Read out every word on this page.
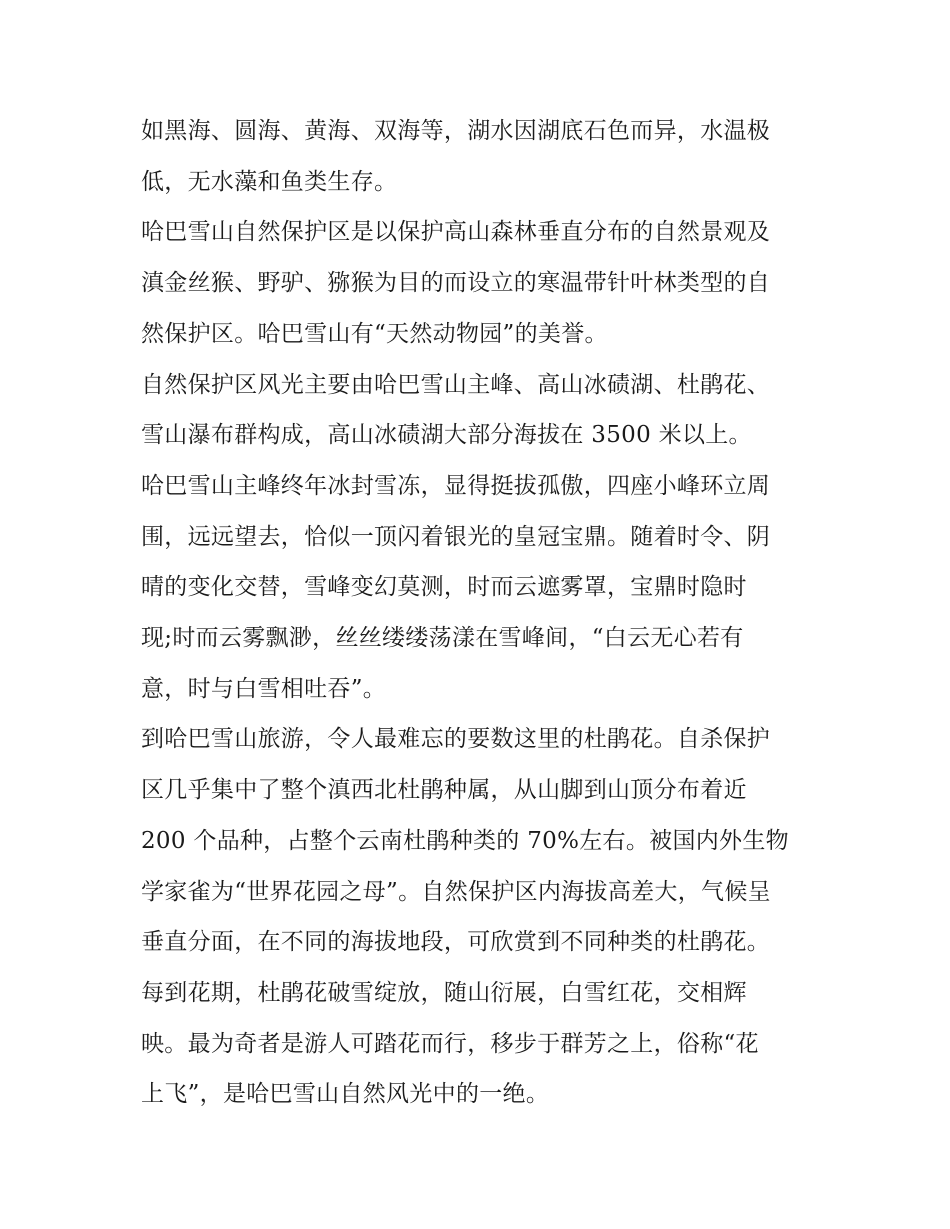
如黑海、圆海、黄海、双海等，湖水因湖底石色而异，水温极
低，无水藻和鱼类生存。

哈巴雪山自然保护区是以保护高山森林垂直分布的自然景观及
滇金丝猴、野驴、猕猴为目的而设立的寒温带针叶林类型的自
然保护区。哈巴雪山有“天然动物园”的美誉。

自然保护区风光主要由哈巴雪山主峰、高山冰碛湖、杜鹃花、
雪山瀑布群构成，高山冰碛湖大部分海拔在 3500 米以上。

哈巴雪山主峰终年冰封雪冻，显得挺拔孤傲，四座小峰环立周
围，远远望去，恰似一顶闪着银光的皇冠宝鼎。随着时令、阴
晴的变化交替，雪峰变幻莫测，时而云遮雾罩，宝鼎时隐时
现;时而云雾飘渺，丝丝缕缕荡漾在雪峰间，“白云无心若有
意，时与白雪相吐吞”。

到哈巴雪山旅游，令人最难忘的要数这里的杜鹃花。自杀保护
区几乎集中了整个滇西北杜鹃种属，从山脚到山顶分布着近
200 个品种，占整个云南杜鹃种类的 70%左右。被国内外生物
学家雀为“世界花园之母”。自然保护区内海拔高差大，气候呈
垂直分面，在不同的海拔地段，可欣赏到不同种类的杜鹃花。
每到花期，杜鹃花破雪绽放，随山衍展，白雪红花，交相辉
映。最为奇者是游人可踏花而行，移步于群芳之上，俗称“花
上飞”，是哈巴雪山自然风光中的一绝。
